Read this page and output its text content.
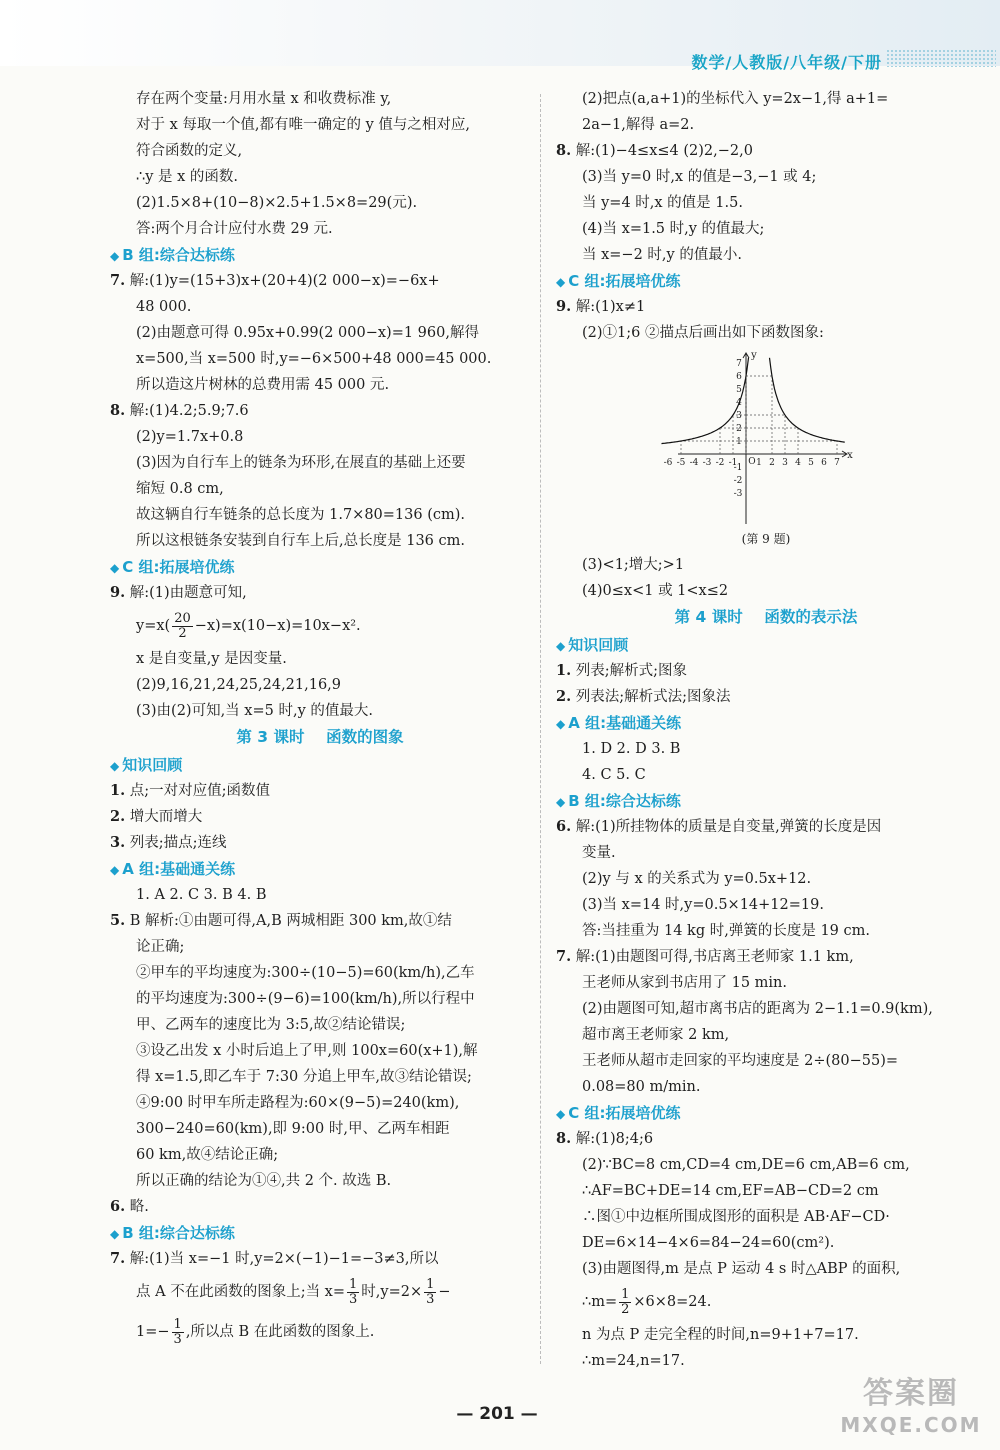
数学/人教版/八年级/下册
存在两个变量:月用水量 x 和收费标准 y,
对于 x 每取一个值,都有唯一确定的 y 值与之相对应,
符合函数的定义,
∴y 是 x 的函数.
(2)1.5×8+(10−8)×2.5+1.5×8=29(元).
答:两个月合计应付水费 29 元.
◆ B 组:综合达标练
7. 解:(1)y=(15+3)x+(20+4)(2 000−x)=−6x+
48 000.
(2)由题意可得 0.95x+0.99(2 000−x)=1 960,解得
x=500,当 x=500 时,y=−6×500+48 000=45 000.
所以造这片树林的总费用需 45 000 元.
8. 解:(1)4.2;5.9;7.6
(2)y=1.7x+0.8
(3)因为自行车上的链条为环形,在展直的基础上还要
缩短 0.8 cm,
故这辆自行车链条的总长度为 1.7×80=136 (cm).
所以这根链条安装到自行车上后,总长度是 136 cm.
◆ C 组:拓展培优练
9. 解:(1)由题意可知,
$y=x( \frac{20}{2} -x)=x(10-x)=10x-x^2$.
x 是自变量,y 是因变量.
(2)9,16,21,24,25,24,21,16,9
(3)由(2)可知,当 x=5 时,y 的值最大.
第 3 课时    函数的图象
◆ 知识回顾
1. 点;一对对应值;函数值
2. 增大而增大
3. 列表;描点;连线
◆ A 组:基础通关练
1. A 2. C 3. B 4. B
5. B 解析:①由题可得,A,B 两城相距 300 km,故①结
论正确;
②甲车的平均速度为:300÷(10−5)=60(km/h),乙车
的平均速度为:300÷(9−6)=100(km/h),所以行程中
甲、乙两车的速度比为 3:5,故②结论错误;
③设乙出发 x 小时后追上了甲,则 100x=60(x+1),解
得 x=1.5,即乙车于 7:30 分追上甲车,故③结论错误;
④9:00 时甲车所走路程为:60×(9−5)=240(km),
300−240=60(km),即 9:00 时,甲、乙两车相距
60 km,故④结论正确;
所以正确的结论为①④,共 2 个. 故选 B.
6. 略.
◆ B 组:综合达标练
7. 解:(1)当 x=−1 时,y=2×(−1)−1=−3≠3,所以
点 A 不在此函数的图象上;当 $x= \frac{1}{3}$ 时$,y=2\times \frac{1}{3}$ −
$1=- \frac{1}{3}$ ,所以点 B 在此函数的图象上.
(2)把点(a,a+1)的坐标代入 y=2x−1,得 a+1=
2a−1,解得 a=2.
8. 解:(1)−4≤x≤4 (2)2,−2,0
(3)当 y=0 时,x 的值是−3,−1 或 4;
当 y=4 时,x 的值是 1.5.
(4)当 x=1.5 时,y 的值最大;
当 x=−2 时,y 的值最小.
◆ C 组:拓展培优练
9. 解:(1)x≠1
(2)①1;6 ②描点后画出如下函数图象:
x
y
O
-6 -5 -4 -3 -2 -1 1 2 3 4 5 6 7
1
2
3
4
5
6
7
-1
-2
-3
(第 9 题)
(3)<1;增大;>1
(4)0≤x<1 或 1<x≤2
第 4 课时    函数的表示法
◆ 知识回顾
1. 列表;解析式;图象
2. 列表法;解析式法;图象法
◆ A 组:基础通关练
1. D 2. D 3. B
4. C 5. C
◆ B 组:综合达标练
6. 解:(1)所挂物体的质量是自变量,弹簧的长度是因
变量.
(2)y 与 x 的关系式为 y=0.5x+12.
(3)当 x=14 时,y=0.5×14+12=19.
答:当挂重为 14 kg 时,弹簧的长度是 19 cm.
7. 解:(1)由题图可得,书店离王老师家 1.1 km,
王老师从家到书店用了 15 min.
(2)由题图可知,超市离书店的距离为 2−1.1=0.9(km),
超市离王老师家 2 km,
王老师从超市走回家的平均速度是 2÷(80−55)=
0.08=80 m/min.
◆ C 组:拓展培优练
8. 解:(1)8;4;6
(2)∵BC=8 cm,CD=4 cm,DE=6 cm,AB=6 cm,
∴AF=BC+DE=14 cm,EF=AB−CD=2 cm
∴图①中边框所围成图形的面积是 AB·AF−CD·
DE=6×14−4×6=84−24=60(cm²).
(3)由题图得,m 是点 P 运动 4 s 时△ABP 的面积,
∴m= $\frac{1}{2} \times 6\times 8=24$.
n 为点 P 走完全程的时间,n=9+1+7=17.
∴m=24,n=17.
— 201 —
答案圈
MXQE.COM
